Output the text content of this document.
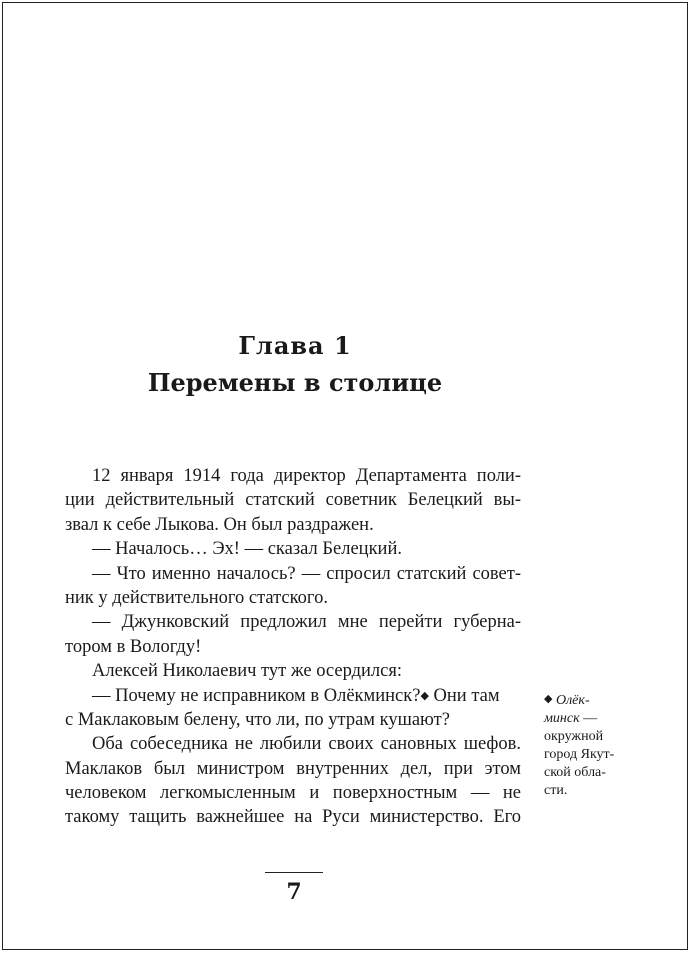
Глава 1
Перемены в столице
12 января 1914 года директор Департамента поли-
ции действительный статский советник Белецкий вы-
звал к себе Лыкова. Он был раздражен.
— Началось… Эх! — сказал Белецкий.
— Что именно началось? — спросил статский совет-
ник у действительного статского.
— Джунковский предложил мне перейти губерна-
тором в Вологду!
Алексей Николаевич тут же осердился:
— Почему не исправником в Олёкминск?◆ Они там
с Маклаковым белену, что ли, по утрам кушают?
Оба собеседника не любили своих сановных шефов.
Маклаков был министром внутренних дел, при этом
человеком легкомысленным и поверхностным — не
такому тащить важнейшее на Руси министерство. Его
◆ Олёк-
минск —
окружной
город Якут-
ской обла-
сти.
7
